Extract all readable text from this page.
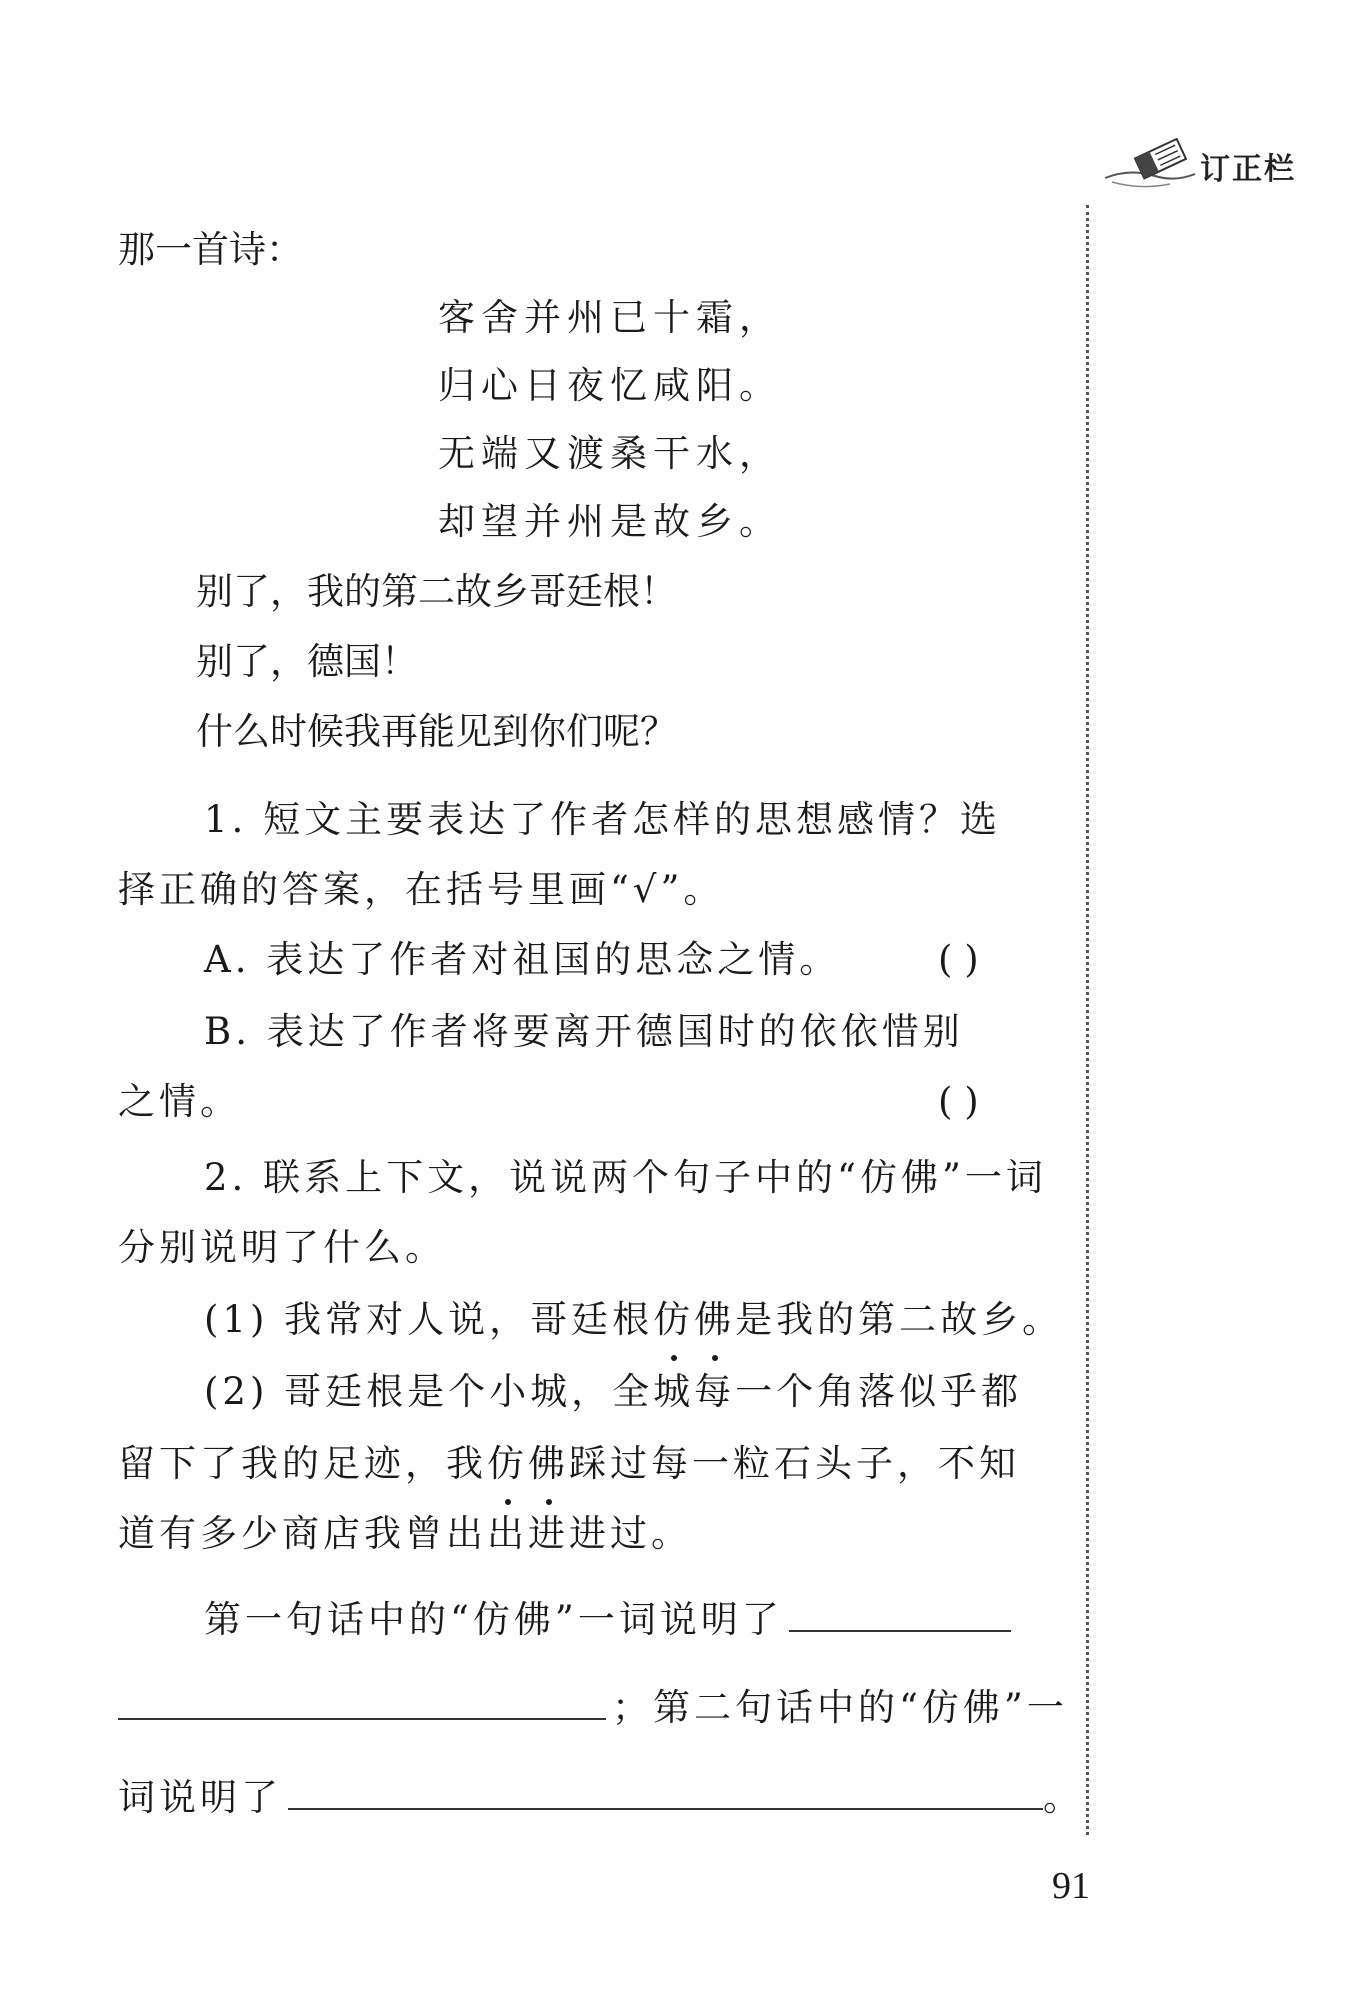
订正栏
那一首诗：
客舍并州已十霜，
归心日夜忆咸阳。
无端又渡桑干水，
却望并州是故乡。
别了，我的第二故乡哥廷根！
别了，德国！
什么时候我再能见到你们呢？
1. 短文主要表达了作者怎样的思想感情？选
择正确的答案，在括号里画“√”。
A. 表达了作者对祖国的思念之情。	( )
B. 表达了作者将要离开德国时的依依惜别
之情。	( )
2. 联系上下文，说说两个句子中的“仿佛”一词
分别说明了什么。
(1) 我常对人说，哥廷根仿佛是我的第二故乡。
(2) 哥廷根是个小城，全城每一个角落似乎都
留下了我的足迹，我仿佛踩过每一粒石头子，不知
道有多少商店我曾出出进进过。
第一句话中的“仿佛”一词说明了
；第二句话中的“仿佛”一
词说明了	。
91
